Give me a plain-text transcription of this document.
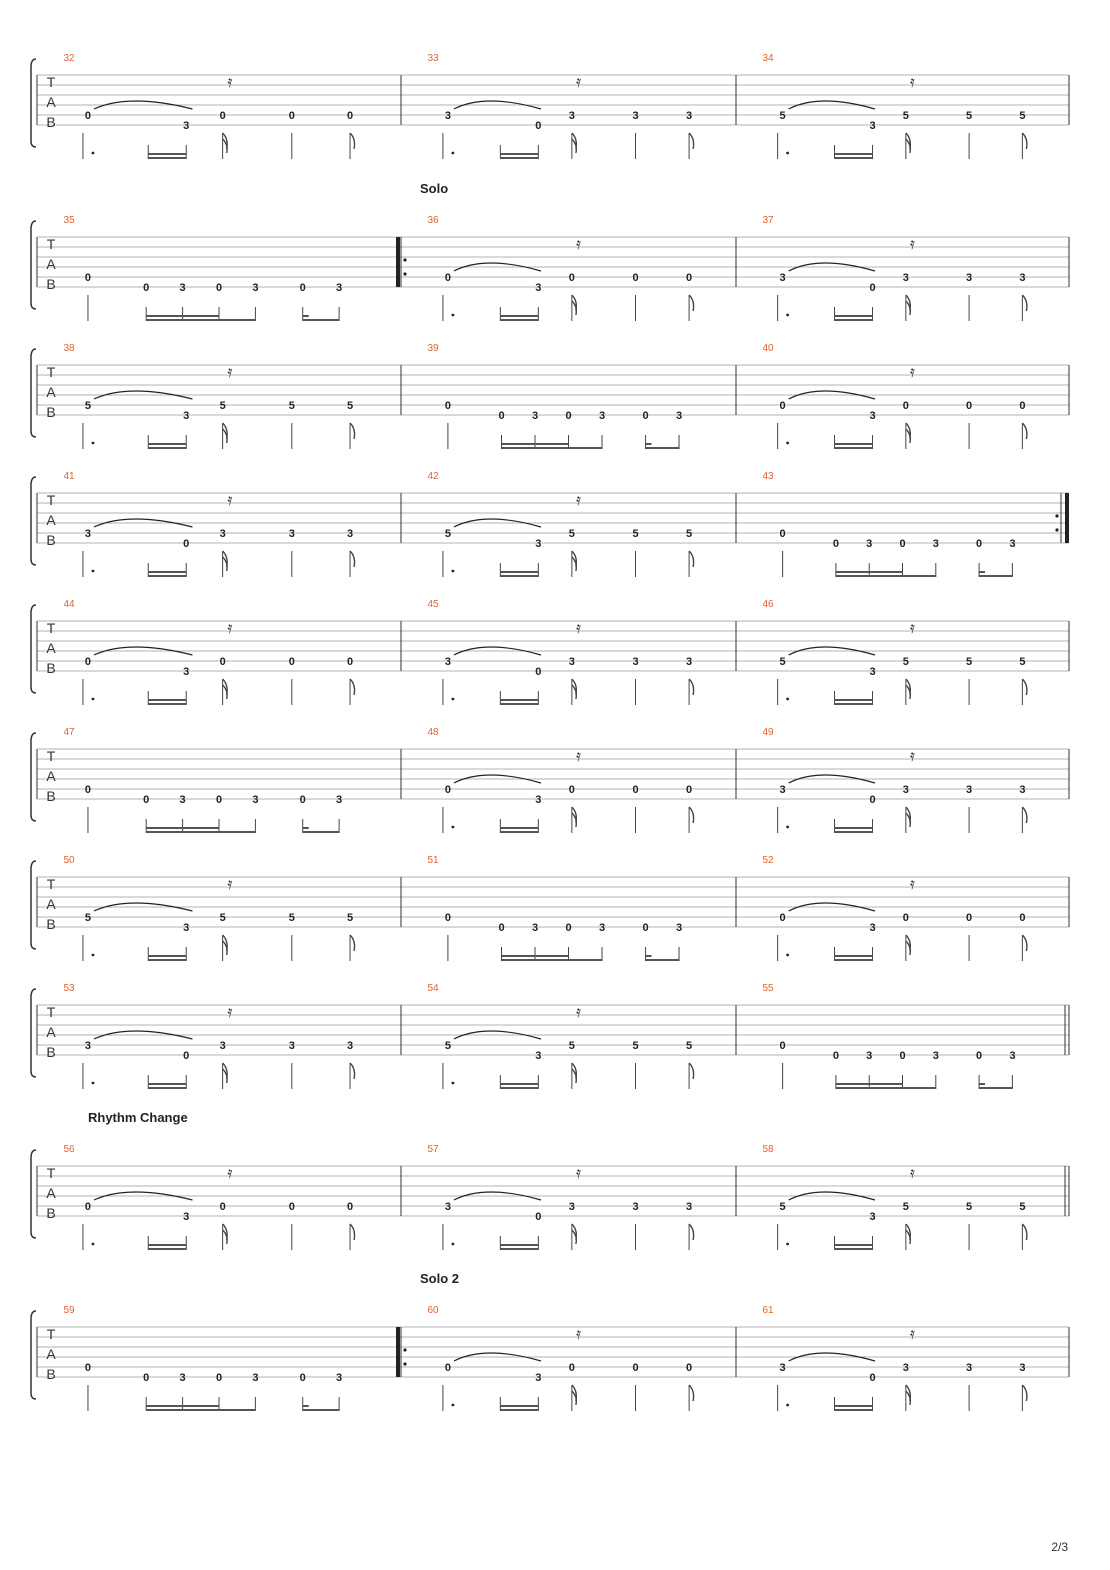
T
A
B
32
0
3
0	0	0
𝄿
33
3
0
3	3	3
𝄿
34
5
3
5	5	5
𝄿
T
A
B
Solo
35
0
0	3	0	3	0	3
36
0
3
0	0	0
𝄿
37
3
0
3	3	3
𝄿
T
A
B
38
5
3
5	5	5
𝄿
39
0
0 3 0 3	0 3
40
0
3
0	0	0
𝄿
T
A
B
41
3
0
3	3	3
𝄿
42
5
3
5	5	5
𝄿
43
0
0 3 0 3	0 3
T
A
B
44
0
3
0	0	0
𝄿
45
3
0
3	3	3
𝄿
46
5
3
5	5	5
𝄿
T
A
B
47
0
0	3	0	3	0	3
48
0
3
0	0	0
𝄿
49
3
0
3	3	3
𝄿
T
A
B
50
5
3
5	5	5
𝄿
51
0
0 3 0 3	0 3
52
0
3
0	0	0
𝄿
T
A
B
53
3
0
3	3	3
𝄿
54
5
3
5	5	5
𝄿
55
0
0 3 0 3	0 3
T
A
B
Rhythm Change
56
0
3
0	0	0
𝄿
57
3
0
3	3	3
𝄿
58
5
3
5	5	5
𝄿
T
A
B
Solo 2
59
0
0	3	0	3	0	3
60
0
3
0	0	0
𝄿
61
3
0
3	3	3
𝄿
2/3
